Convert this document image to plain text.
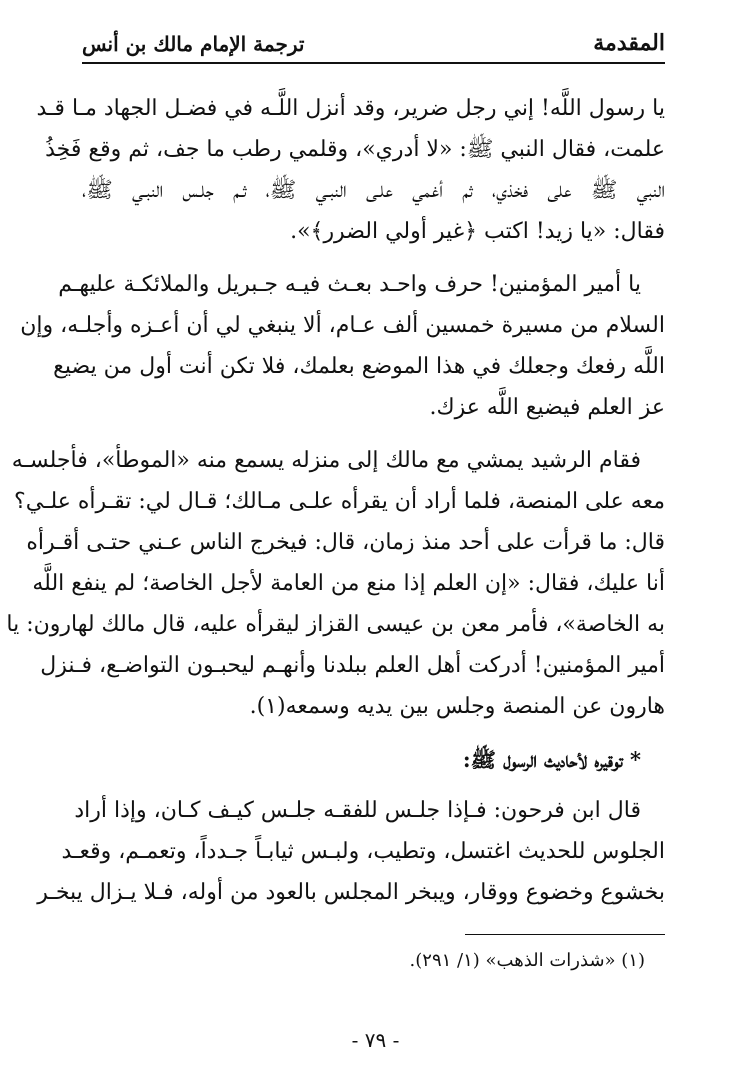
المقدمة
ترجمة الإمام مالك بن أنس
يا رسول اللَّه! إني رجل ضرير، وقد أنزل اللَّـه في فضـل الجهاد مـا قـد
علمت، فقال النبي ﷺ: «لا أدري»، وقلمي رطب ما جف، ثم وقع فَخِذُ
النبي ﷺ على فخذي، ثم أغمي علـى النبـي ﷺ، ثـم جلـس النبـي ﷺ،
فقال: «يا زيد! اكتب ﴿غير أولي الضرر﴾».
يا أمير المؤمنين! حرف واحـد بعـث فيـه جـبريل والملائكـة عليهـم
السلام من مسيرة خمسين ألف عـام، ألا ينبغي لي أن أعـزه وأجلـه، وإن
اللَّه رفعك وجعلك في هذا الموضع بعلمك، فلا تكن أنت أول من يضيع
عز العلم فيضيع اللَّه عزك.
فقام الرشيد يمشي مع مالك إلى منزله يسمع منه «الموطأ»، فأجلسـه
معه على المنصة، فلما أراد أن يقرأه علـى مـالك؛ قـال لي: تقـرأه علـي؟
قال: ما قرأت على أحد منذ زمان، قال: فيخرج الناس عـني حتـى أقـرأه
أنا عليك، فقال: «إن العلم إذا منع من العامة لأجل الخاصة؛ لم ينفع اللَّه
به الخاصة»، فأمر معن بن عيسى القزاز ليقرأه عليه، قال مالك لهارون: يا
أمير المؤمنين! أدركت أهل العلم ببلدنا وأنهـم ليحبـون التواضـع، فـنزل
هارون عن المنصة وجلس بين يديه وسمعه(١).
* توقيره لأحاديث الرسول ﷺ:
قال ابن فرحون: فـإذا جلـس للفقـه جلـس كيـف كـان، وإذا أراد
الجلوس للحديث اغتسل، وتطيب، ولبـس ثيابـاً جـدداً، وتعمـم، وقعـد
بخشوع وخضوع ووقار، ويبخر المجلس بالعود من أوله، فـلا يـزال يبخـر
(١) «شذرات الذهب» (١/ ٢٩١).
- ٧٩ -
